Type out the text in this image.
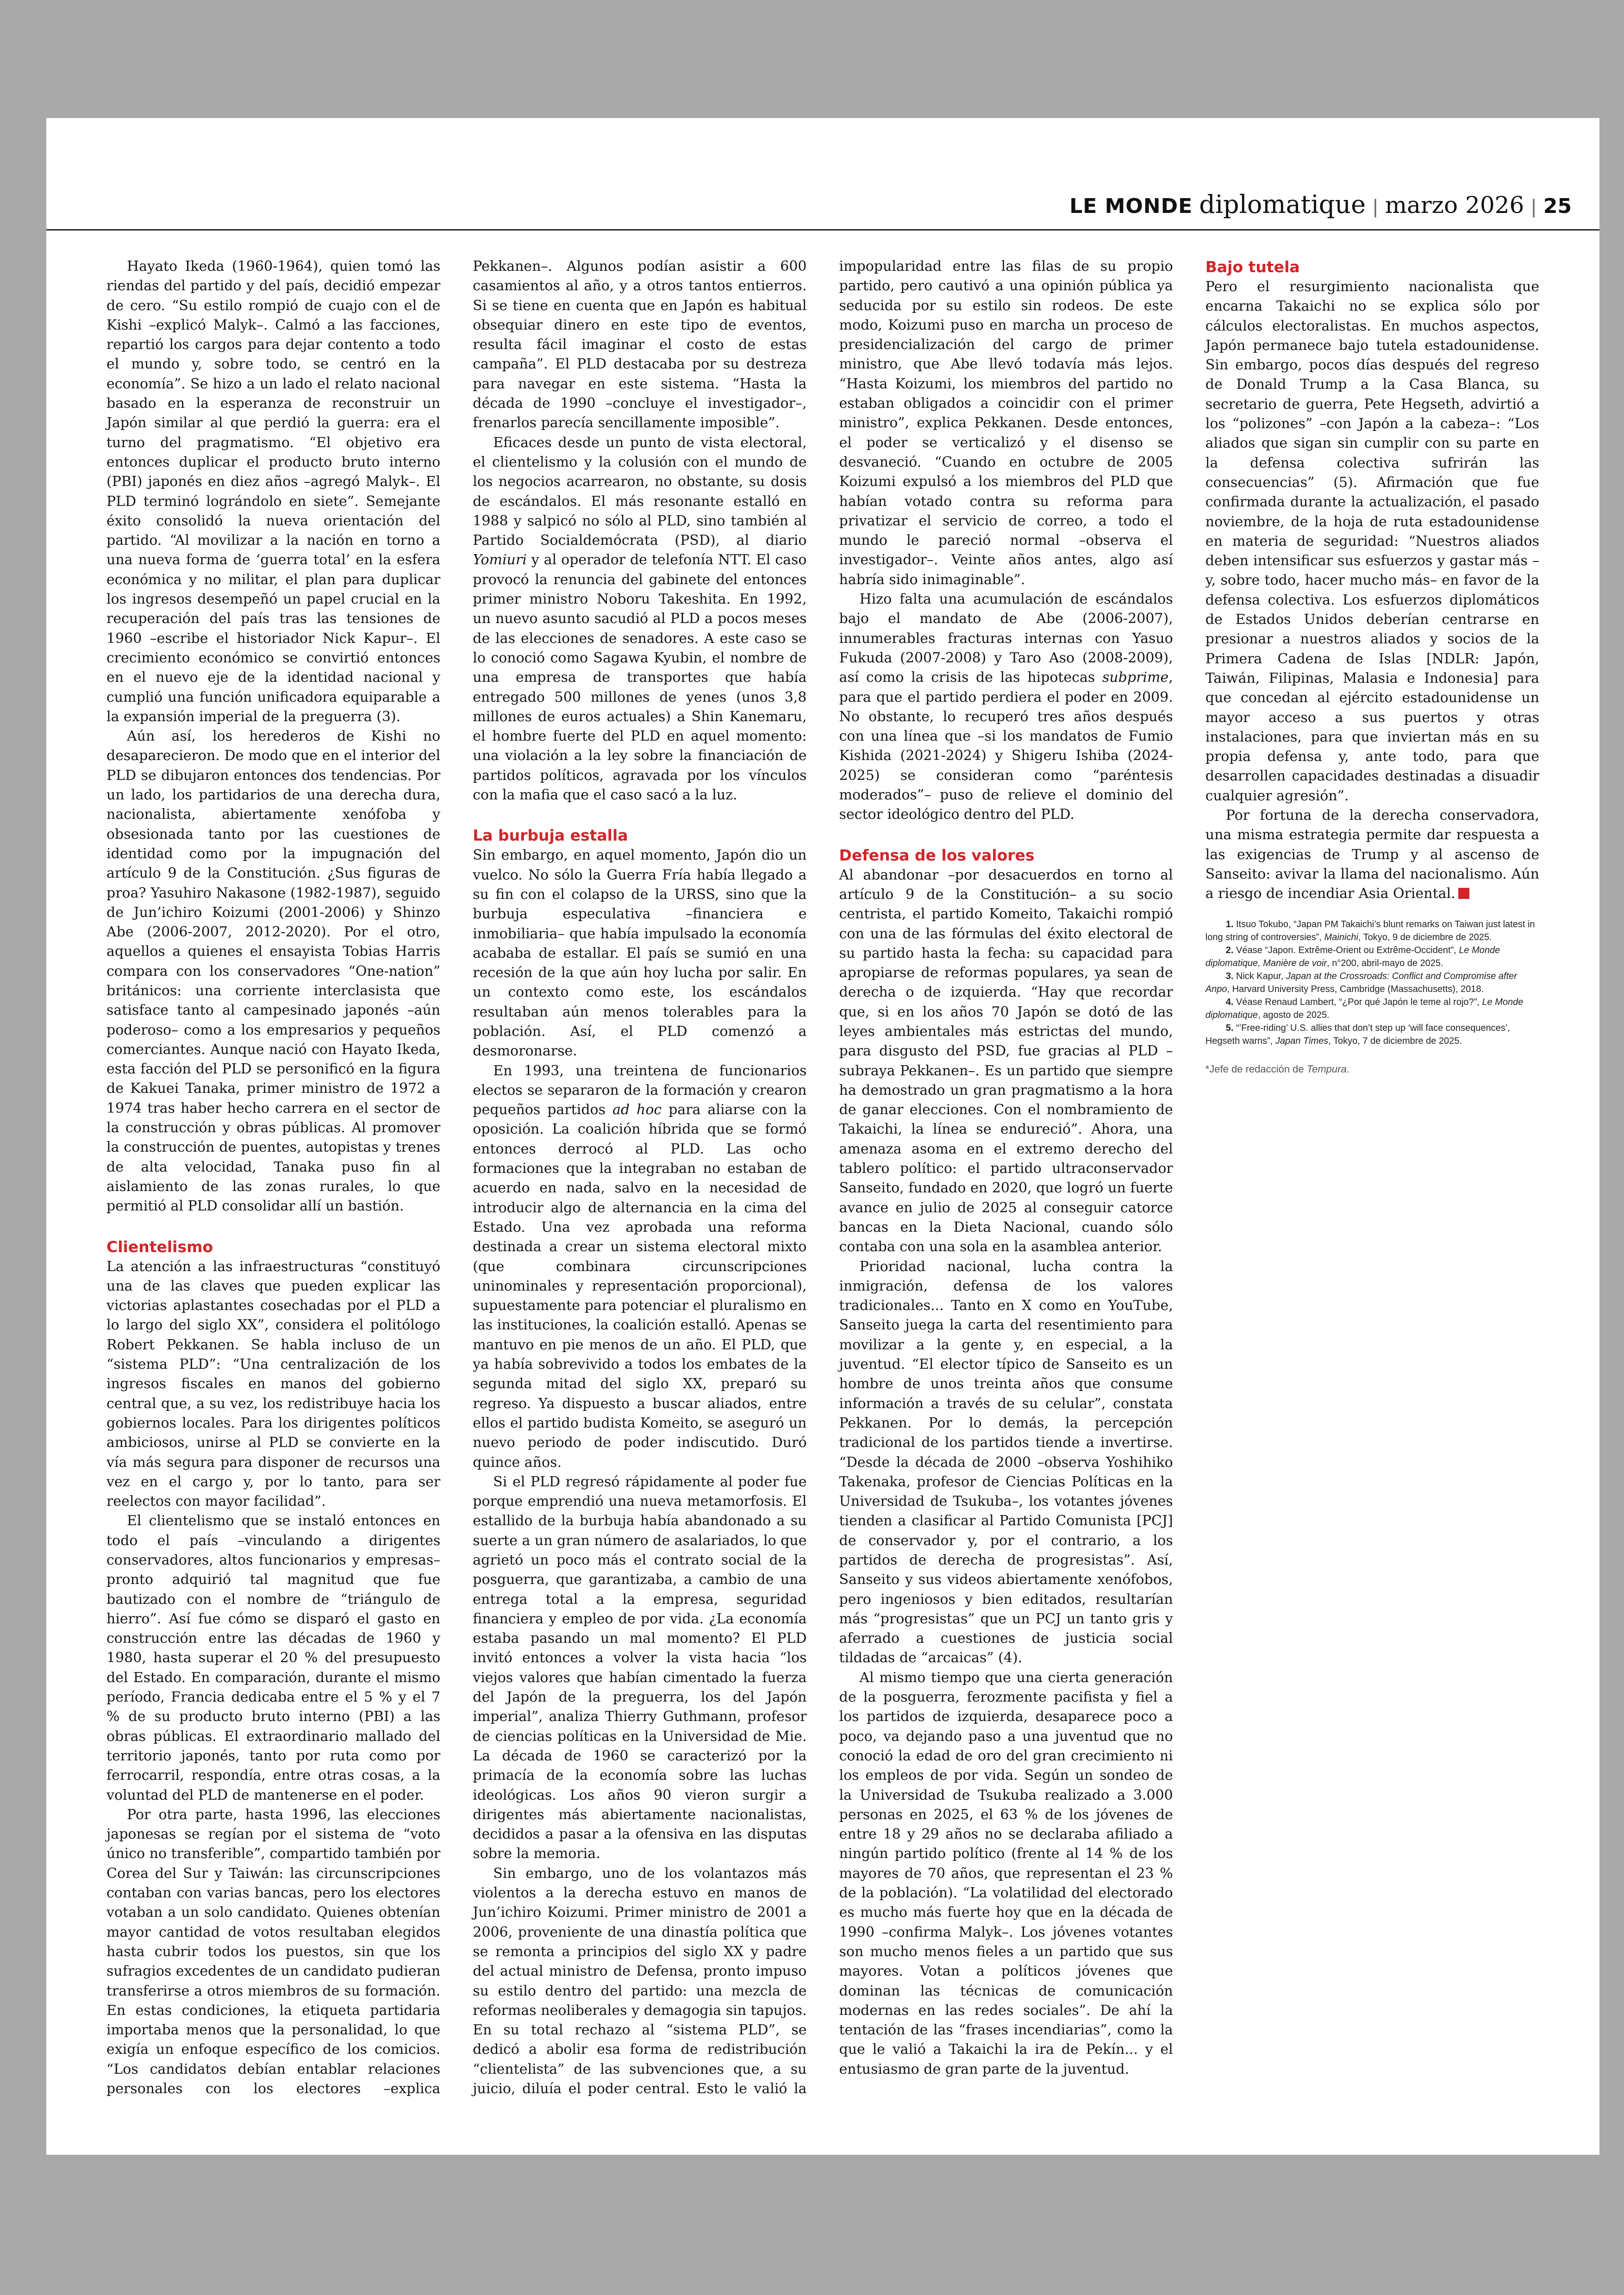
LE MONDE diplomatique | marzo 2026 | 25

Hayato Ikeda (1960-1964), quien tomó las riendas del partido y del país, decidió empezar de cero. “Su estilo rompió de cuajo con el de Kishi –explicó Malyk–. Calmó a las facciones, repartió los cargos para dejar contento a todo el mundo y, sobre todo, se centró en la economía”. Se hizo a un lado el relato nacional basado en la esperanza de reconstruir un Japón similar al que perdió la guerra: era el turno del pragmatismo. “El objetivo era entonces duplicar el producto bruto interno (PBI) japonés en diez años –agregó Malyk–. El PLD terminó lográndolo en siete”. Semejante éxito consolidó la nueva orientación del partido. “Al movilizar a la nación en torno a una nueva forma de ‘guerra total’ en la esfera económica y no militar, el plan para duplicar los ingresos desempeñó un papel crucial en la recuperación del país tras las tensiones de 1960 –escribe el historiador Nick Kapur–. El crecimiento económico se convirtió entonces en el nuevo eje de la identidad nacional y cumplió una función unificadora equiparable a la expansión imperial de la preguerra (3).

Aún así, los herederos de Kishi no desaparecieron. De modo que en el interior del PLD se dibujaron entonces dos tendencias. Por un lado, los partidarios de una derecha dura, nacionalista, abiertamente xenófoba y obsesionada tanto por las cuestiones de identidad como por la impugnación del artículo 9 de la Constitución. ¿Sus figuras de proa? Yasuhiro Nakasone (1982-1987), seguido de Jun’ichiro Koizumi (2001-2006) y Shinzo Abe (2006-2007, 2012-2020). Por el otro, aquellos a quienes el ensayista Tobias Harris compara con los conservadores “One-nation” británicos: una corriente interclasista que satisface tanto al campesinado japonés –aún poderoso– como a los empresarios y pequeños comerciantes. Aunque nació con Hayato Ikeda, esta facción del PLD se personificó en la figura de Kakuei Tanaka, primer ministro de 1972 a 1974 tras haber hecho carrera en el sector de la construcción y obras públicas. Al promover la construcción de puentes, autopistas y trenes de alta velocidad, Tanaka puso fin al aislamiento de las zonas rurales, lo que permitió al PLD consolidar allí un bastión.

Clientelismo

La atención a las infraestructuras “constituyó una de las claves que pueden explicar las victorias aplastantes cosechadas por el PLD a lo largo del siglo XX”, considera el politólogo Robert Pekkanen. Se habla incluso de un “sistema PLD”: “Una centralización de los ingresos fiscales en manos del gobierno central que, a su vez, los redistribuye hacia los gobiernos locales. Para los dirigentes políticos ambiciosos, unirse al PLD se convierte en la vía más segura para disponer de recursos una vez en el cargo y, por lo tanto, para ser reelectos con mayor facilidad”.

El clientelismo que se instaló entonces en todo el país –vinculando a dirigentes conservadores, altos funcionarios y empresas– pronto adquirió tal magnitud que fue bautizado con el nombre de “triángulo de hierro”. Así fue cómo se disparó el gasto en construcción entre las décadas de 1960 y 1980, hasta superar el 20 % del presupuesto del Estado. En comparación, durante el mismo período, Francia dedicaba entre el 5 % y el 7 % de su producto bruto interno (PBI) a las obras públicas. El extraordinario mallado del territorio japonés, tanto por ruta como por ferrocarril, respondía, entre otras cosas, a la voluntad del PLD de mantenerse en el poder.

Por otra parte, hasta 1996, las elecciones japonesas se regían por el sistema de “voto único no transferible”, compartido también por Corea del Sur y Taiwán: las circunscripciones contaban con varias bancas, pero los electores votaban a un solo candidato. Quienes obtenían mayor cantidad de votos resultaban elegidos hasta cubrir todos los puestos, sin que los sufragios excedentes de un candidato pudieran transferirse a otros miembros de su formación. En estas condiciones, la etiqueta partidaria importaba menos que la personalidad, lo que exigía un enfoque específico de los comicios. “Los candidatos debían entablar relaciones personales con los electores –explica Pekkanen–. Algunos podían asistir a 600 casamientos al año, y a otros tantos entierros. Si se tiene en cuenta que en Japón es habitual obsequiar dinero en este tipo de eventos, resulta fácil imaginar el costo de estas campaña”. El PLD destacaba por su destreza para navegar en este sistema. “Hasta la década de 1990 –concluye el investigador–, frenarlos parecía sencillamente imposible”.

Eficaces desde un punto de vista electoral, el clientelismo y la colusión con el mundo de los negocios acarrearon, no obstante, su dosis de escándalos. El más resonante estalló en 1988 y salpicó no sólo al PLD, sino también al Partido Socialdemócrata (PSD), al diario Yomiuri y al operador de telefonía NTT. El caso provocó la renuncia del gabinete del entonces primer ministro Noboru Takeshita. En 1992, un nuevo asunto sacudió al PLD a pocos meses de las elecciones de senadores. A este caso se lo conoció como Sagawa Kyubin, el nombre de una empresa de transportes que había entregado 500 millones de yenes (unos 3,8 millones de euros actuales) a Shin Kanemaru, el hombre fuerte del PLD en aquel momento: una violación a la ley sobre la financiación de partidos políticos, agravada por los vínculos con la mafia que el caso sacó a la luz.

La burbuja estalla

Sin embargo, en aquel momento, Japón dio un vuelco. No sólo la Guerra Fría había llegado a su fin con el colapso de la URSS, sino que la burbuja especulativa –financiera e inmobiliaria– que había impulsado la economía acababa de estallar. El país se sumió en una recesión de la que aún hoy lucha por salir. En un contexto como este, los escándalos resultaban aún menos tolerables para la población. Así, el PLD comenzó a desmoronarse.

En 1993, una treintena de funcionarios electos se separaron de la formación y crearon pequeños partidos ad hoc para aliarse con la oposición. La coalición híbrida que se formó entonces derrocó al PLD. Las ocho formaciones que la integraban no estaban de acuerdo en nada, salvo en la necesidad de introducir algo de alternancia en la cima del Estado. Una vez aprobada una reforma destinada a crear un sistema electoral mixto (que combinara circunscripciones uninominales y representación proporcional), supuestamente para potenciar el pluralismo en las instituciones, la coalición estalló. Apenas se mantuvo en pie menos de un año. El PLD, que ya había sobrevivido a todos los embates de la segunda mitad del siglo XX, preparó su regreso. Ya dispuesto a buscar aliados, entre ellos el partido budista Komeito, se aseguró un nuevo periodo de poder indiscutido. Duró quince años.

Si el PLD regresó rápidamente al poder fue porque emprendió una nueva metamorfosis. El estallido de la burbuja había abandonado a su suerte a un gran número de asalariados, lo que agrietó un poco más el contrato social de la posguerra, que garantizaba, a cambio de una entrega total a la empresa, seguridad financiera y empleo de por vida. ¿La economía estaba pasando un mal momento? El PLD invitó entonces a volver la vista hacia “los viejos valores que habían cimentado la fuerza del Japón de la preguerra, los del Japón imperial”, analiza Thierry Guthmann, profesor de ciencias políticas en la Universidad de Mie. La década de 1960 se caracterizó por la primacía de la economía sobre las luchas ideológicas. Los años 90 vieron surgir a dirigentes más abiertamente nacionalistas, decididos a pasar a la ofensiva en las disputas sobre la memoria.

Sin embargo, uno de los volantazos más violentos a la derecha estuvo en manos de Jun’ichiro Koizumi. Primer ministro de 2001 a 2006, proveniente de una dinastía política que se remonta a principios del siglo XX y padre del actual ministro de Defensa, pronto impuso su estilo dentro del partido: una mezcla de reformas neoliberales y demagogia sin tapujos. En su total rechazo al “sistema PLD”, se dedicó a abolir esa forma de redistribución “clientelista” de las subvenciones que, a su juicio, diluía el poder central. Esto le valió la impopularidad entre las filas de su propio partido, pero cautivó a una opinión pública ya seducida por su estilo sin rodeos. De este modo, Koizumi puso en marcha un proceso de presidencialización del cargo de primer ministro, que Abe llevó todavía más lejos. “Hasta Koizumi, los miembros del partido no estaban obligados a coincidir con el primer ministro”, explica Pekkanen. Desde entonces, el poder se verticalizó y el disenso se desvaneció. “Cuando en octubre de 2005 Koizumi expulsó a los miembros del PLD que habían votado contra su reforma para privatizar el servicio de correo, a todo el mundo le pareció normal –observa el investigador–. Veinte años antes, algo así habría sido inimaginable”.

Hizo falta una acumulación de escándalos bajo el mandato de Abe (2006-2007), innumerables fracturas internas con Yasuo Fukuda (2007-2008) y Taro Aso (2008-2009), así como la crisis de las hipotecas subprime, para que el partido perdiera el poder en 2009. No obstante, lo recuperó tres años después con una línea que –si los mandatos de Fumio Kishida (2021-2024) y Shigeru Ishiba (2024-2025) se consideran como “paréntesis moderados”– puso de relieve el dominio del sector ideológico dentro del PLD.

Defensa de los valores

Al abandonar –por desacuerdos en torno al artículo 9 de la Constitución– a su socio centrista, el partido Komeito, Takaichi rompió con una de las fórmulas del éxito electoral de su partido hasta la fecha: su capacidad para apropiarse de reformas populares, ya sean de derecha o de izquierda. “Hay que recordar que, si en los años 70 Japón se dotó de las leyes ambientales más estrictas del mundo, para disgusto del PSD, fue gracias al PLD –subraya Pekkanen–. Es un partido que siempre ha demostrado un gran pragmatismo a la hora de ganar elecciones. Con el nombramiento de Takaichi, la línea se endureció”. Ahora, una amenaza asoma en el extremo derecho del tablero político: el partido ultraconservador Sanseito, fundado en 2020, que logró un fuerte avance en julio de 2025 al conseguir catorce bancas en la Dieta Nacional, cuando sólo contaba con una sola en la asamblea anterior.

Prioridad nacional, lucha contra la inmigración, defensa de los valores tradicionales... Tanto en X como en YouTube, Sanseito juega la carta del resentimiento para movilizar a la gente y, en especial, a la juventud. “El elector típico de Sanseito es un hombre de unos treinta años que consume información a través de su celular”, constata Pekkanen. Por lo demás, la percepción tradicional de los partidos tiende a invertirse. “Desde la década de 2000 –observa Yoshihiko Takenaka, profesor de Ciencias Políticas en la Universidad de Tsukuba–, los votantes jóvenes tienden a clasificar al Partido Comunista [PCJ] de conservador y, por el contrario, a los partidos de derecha de progresistas”. Así, Sanseito y sus videos abiertamente xenófobos, pero ingeniosos y bien editados, resultarían más “progresistas” que un PCJ un tanto gris y aferrado a cuestiones de justicia social tildadas de “arcaicas” (4).

Al mismo tiempo que una cierta generación de la posguerra, ferozmente pacifista y fiel a los partidos de izquierda, desaparece poco a poco, va dejando paso a una juventud que no conoció la edad de oro del gran crecimiento ni los empleos de por vida. Según un sondeo de la Universidad de Tsukuba realizado a 3.000 personas en 2025, el 63 % de los jóvenes de entre 18 y 29 años no se declaraba afiliado a ningún partido político (frente al 14 % de los mayores de 70 años, que representan el 23 % de la población). “La volatilidad del electorado es mucho más fuerte hoy que en la década de 1990 –confirma Malyk–. Los jóvenes votantes son mucho menos fieles a un partido que sus mayores. Votan a políticos jóvenes que dominan las técnicas de comunicación modernas en las redes sociales”. De ahí la tentación de las “frases incendiarias”, como la que le valió a Takaichi la ira de Pekín... y el entusiasmo de gran parte de la juventud.

Bajo tutela

Pero el resurgimiento nacionalista que encarna Takaichi no se explica sólo por cálculos electoralistas. En muchos aspectos, Japón permanece bajo tutela estadounidense. Sin embargo, pocos días después del regreso de Donald Trump a la Casa Blanca, su secretario de guerra, Pete Hegseth, advirtió a los “polizones” –con Japón a la cabeza–: “Los aliados que sigan sin cumplir con su parte en la defensa colectiva sufrirán las consecuencias” (5). Afirmación que fue confirmada durante la actualización, el pasado noviembre, de la hoja de ruta estadounidense en materia de seguridad: “Nuestros aliados deben intensificar sus esfuerzos y gastar más –y, sobre todo, hacer mucho más– en favor de la defensa colectiva. Los esfuerzos diplomáticos de Estados Unidos deberían centrarse en presionar a nuestros aliados y socios de la Primera Cadena de Islas [NDLR: Japón, Taiwán, Filipinas, Malasia e Indonesia] para que concedan al ejército estadounidense un mayor acceso a sus puertos y otras instalaciones, para que inviertan más en su propia defensa y, ante todo, para que desarrollen capacidades destinadas a disuadir cualquier agresión”.

Por fortuna de la derecha conservadora, una misma estrategia permite dar respuesta a las exigencias de Trump y al ascenso de Sanseito: avivar la llama del nacionalismo. Aún a riesgo de incendiar Asia Oriental.

1. Itsuo Tokubo, “Japan PM Takaichi’s blunt remarks on Taiwan just latest in long string of controversies”, Mainichi, Tokyo, 9 de diciembre de 2025.

2. Véase “Japon. Extrême-Orient ou Extrême-Occident”, Le Monde diplomatique, Manière de voir, n°200, abril-mayo de 2025.

3. Nick Kapur, Japan at the Crossroads: Conflict and Compromise after Anpo, Harvard University Press, Cambridge (Massachusetts), 2018.

4. Véase Renaud Lambert, “¿Por qué Japón le teme al rojo?”, Le Monde diplomatique, agosto de 2025.

5. “’Free-riding’ U.S. allies that don’t step up ‘will face consequences’, Hegseth warns”, Japan Times, Tokyo, 7 de diciembre de 2025.

*Jefe de redacción de Tempura.
